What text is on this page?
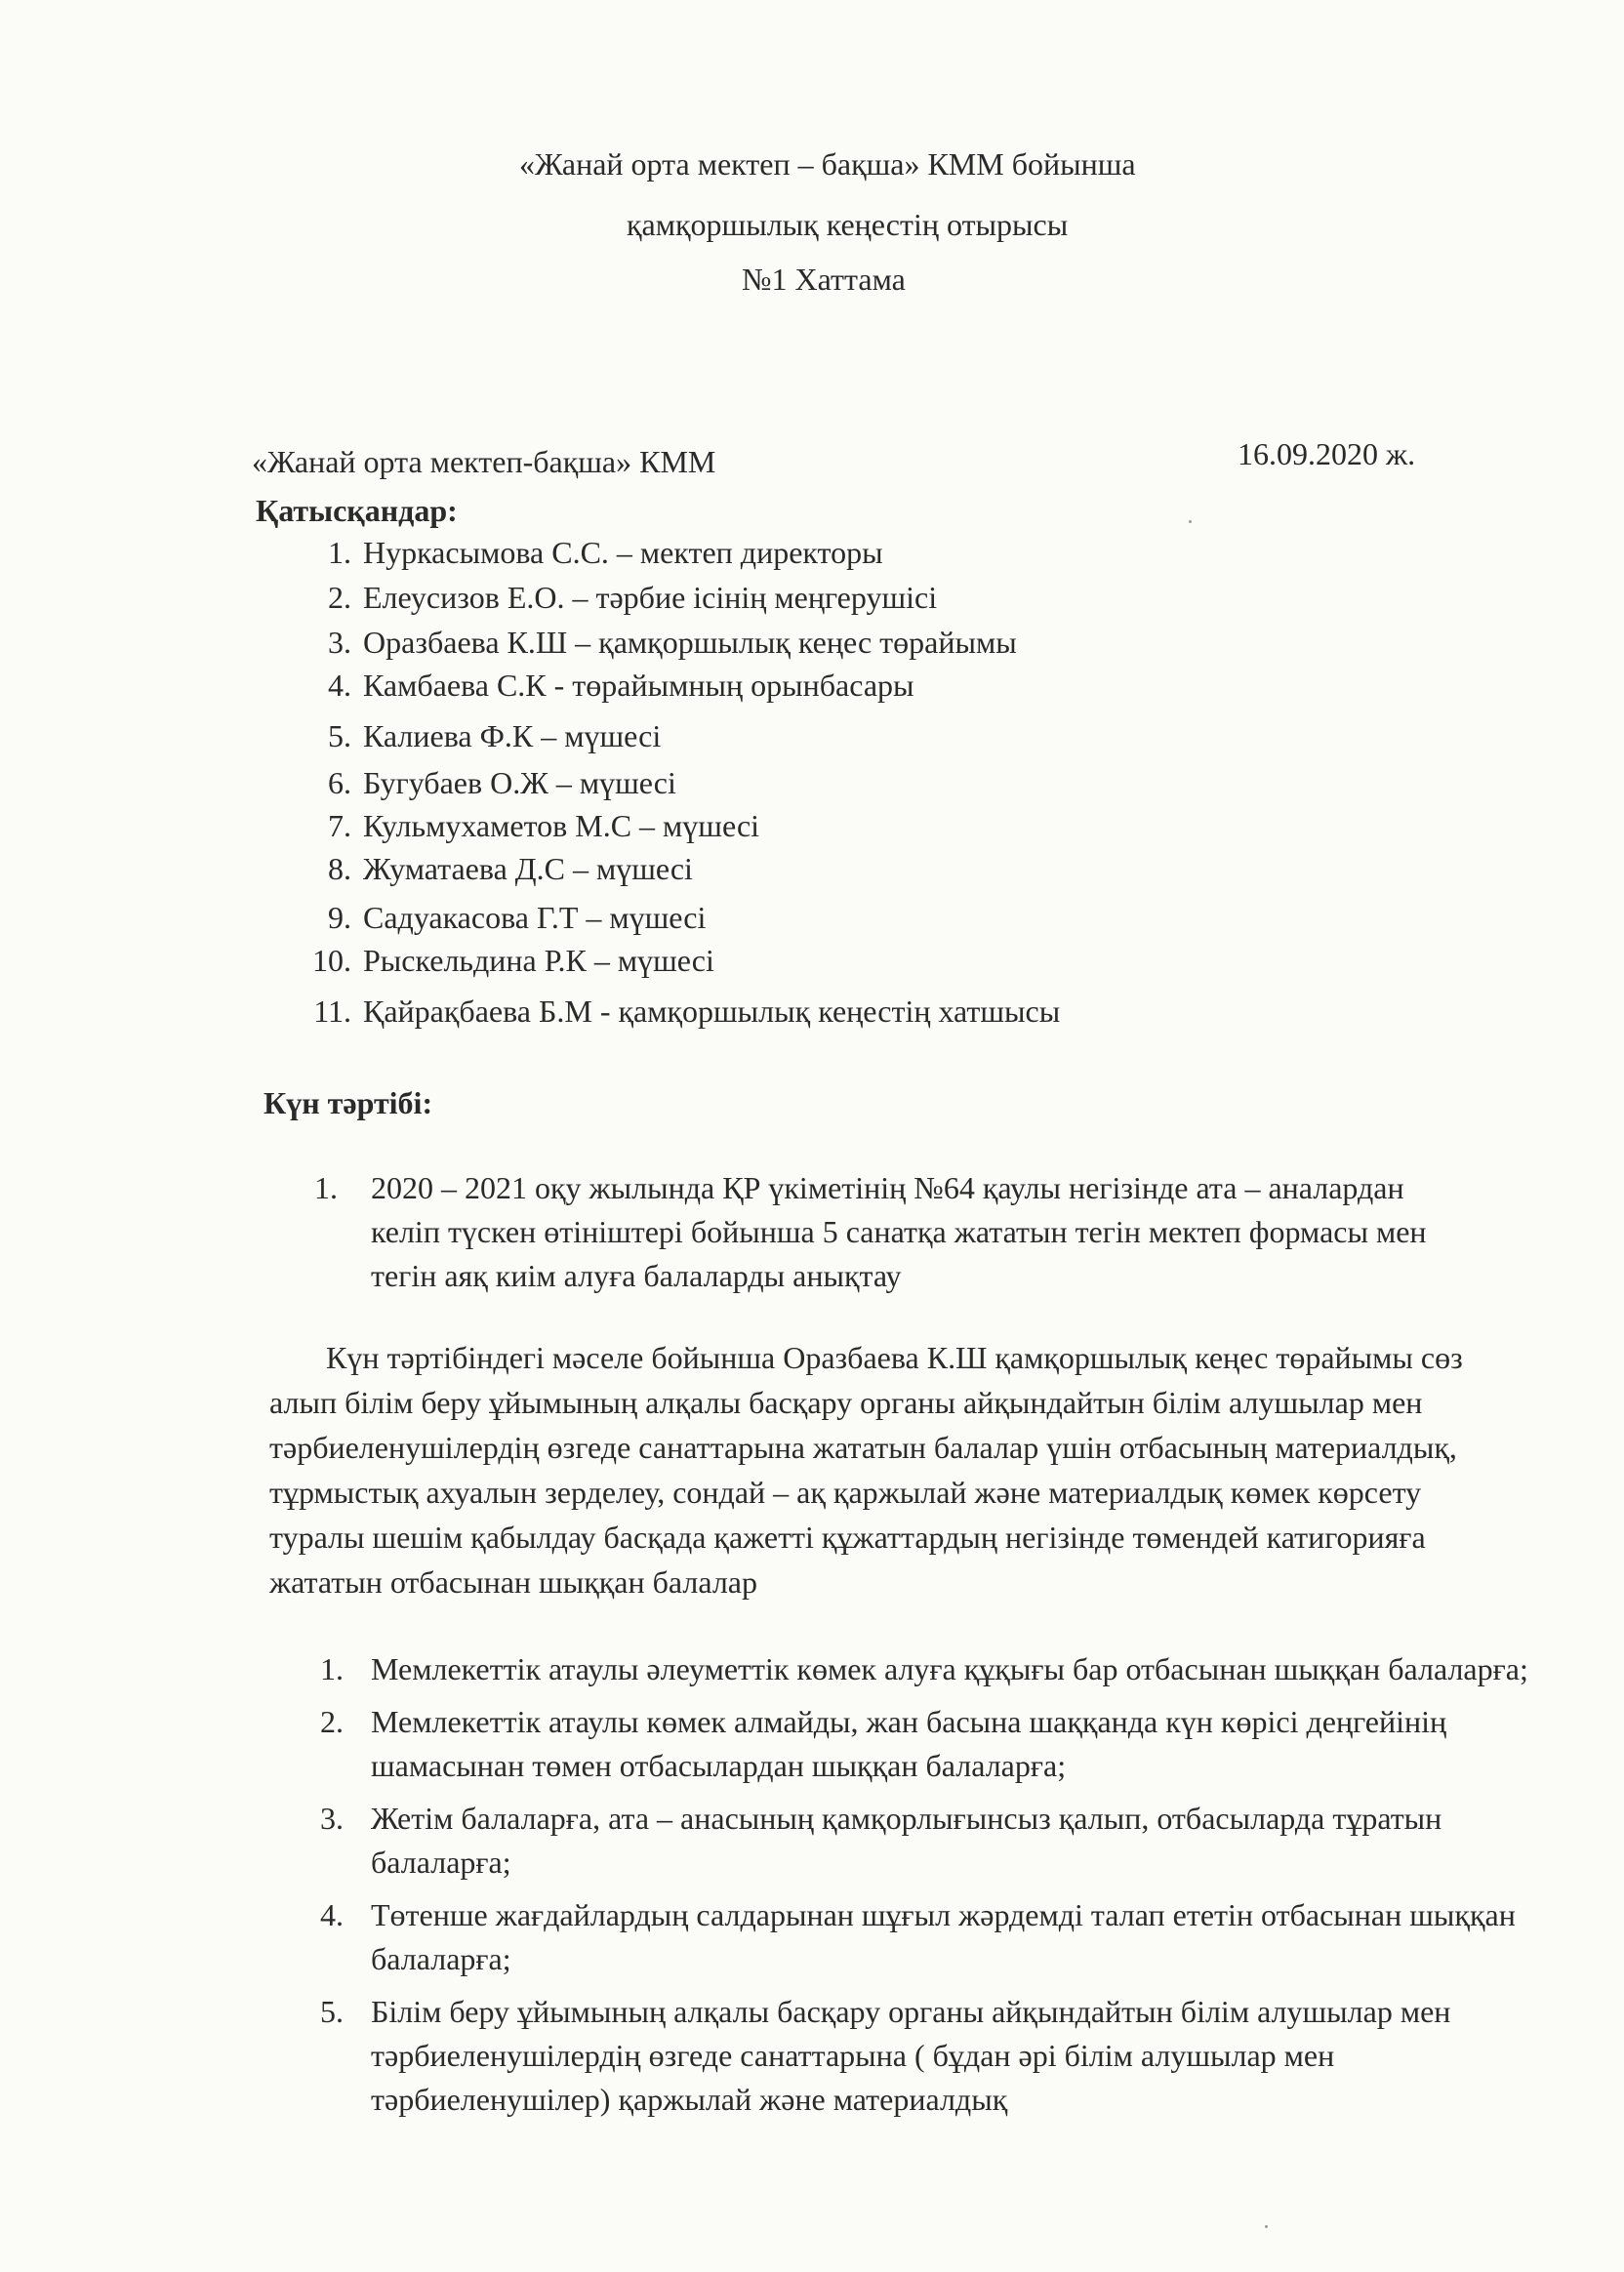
«Жанай орта мектеп – бақша» КММ бойынша
қамқоршылық кеңестің отырысы
№1 Хаттама
«Жанай орта мектеп-бақша» КММ	16.09.2020 ж.
Қатысқандар:
1. Нуркасымова С.С. – мектеп директоры
2. Елеусизов Е.О. – тәрбие ісінің меңгерушісі
3. Оразбаева К.Ш – қамқоршылық кеңес төрайымы
4. Камбаева С.К - төрайымның орынбасары
5. Калиева Ф.К – мүшесі
6. Бугубаев О.Ж – мүшесі
7. Кульмухаметов М.С – мүшесі
8. Жуматаева Д.С – мүшесі
9. Садуакасова Г.Т – мүшесі
10. Рыскельдина Р.К – мүшесі
11. Қайрақбаева Б.М - қамқоршылық кеңестің хатшысы
Күн тәртібі:
1. 2020 – 2021 оқу жылында ҚР үкіметінің №64 қаулы негізінде ата – аналардан келіп түскен өтініштері бойынша 5 санатқа жататын тегін мектеп формасы мен тегін аяқ киім алуға балаларды анықтау

Күн тәртібіндегі мәселе бойынша Оразбаева К.Ш қамқоршылық кеңес төрайымы сөз алып білім беру ұйымының алқалы басқару органы айқындайтын білім алушылар мен тәрбиеленушілердің өзгеде санаттарына жататын балалар үшін отбасының материалдық, тұрмыстық ахуалын зерделеу, сондай – ақ қаржылай және материалдық көмек көрсету туралы шешім қабылдау басқада қажетті құжаттардың негізінде төмендей катигорияға жататын отбасынан шыққан балалар

1. Мемлекеттік атаулы әлеуметтік көмек алуға құқығы бар отбасынан шыққан балаларға;
2. Мемлекеттік атаулы көмек алмайды, жан басына шаққанда күн көрісі деңгейінің шамасынан төмен отбасылардан шыққан балаларға;
3. Жетім балаларға, ата – анасының қамқорлығынсыз қалып, отбасыларда тұратын балаларға;
4. Төтенше жағдайлардың салдарынан шұғыл жәрдемді талап ететін отбасынан шыққан балаларға;
5. Білім беру ұйымының алқалы басқару органы айқындайтын білім алушылар мен тәрбиеленушілердің өзгеде санаттарына ( бұдан әрі білім алушылар мен тәрбиеленушілер) қаржылай және материалдық
